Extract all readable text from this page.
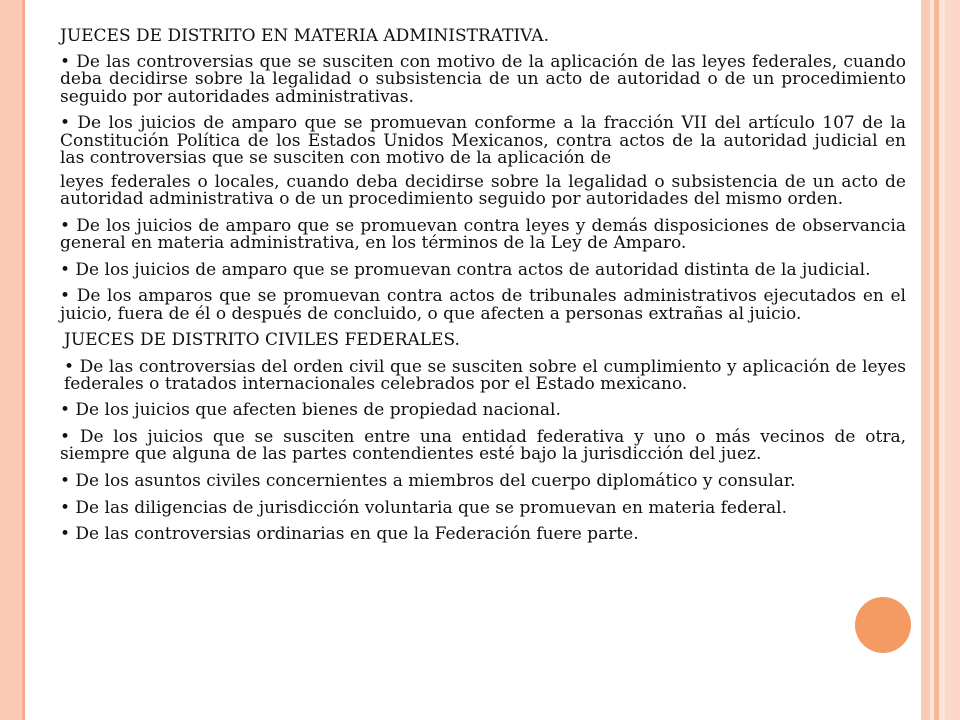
JUECES DE DISTRITO EN MATERIA ADMINISTRATIVA.

• De las controversias que se susciten con motivo de la aplicación de las leyes federales, cuando deba decidirse sobre la legalidad o subsistencia de un acto de autoridad o de un procedimiento seguido por autoridades administrativas.

• De los juicios de amparo que se promuevan conforme a la fracción VII del artículo 107 de la Constitución Política de los Estados Unidos Mexicanos, contra actos de la autoridad judicial en las controversias que se susciten con motivo de la aplicación de

leyes federales o locales, cuando deba decidirse sobre la legalidad o subsistencia de un acto de autoridad administrativa o de un procedimiento seguido por autoridades del mismo orden.

• De los juicios de amparo que se promuevan contra leyes y demás disposiciones de observancia general en materia administrativa, en los términos de la Ley de Amparo.

• De los juicios de amparo que se promuevan contra actos de autoridad distinta de la judicial.

• De los amparos que se promuevan contra actos de tribunales administrativos ejecutados en el juicio, fuera de él o después de concluido, o que afecten a personas extrañas al juicio.

JUECES DE DISTRITO CIVILES FEDERALES.

• De las controversias del orden civil que se susciten sobre el cumplimiento y aplicación de leyes federales o tratados internacionales celebrados por el Estado mexicano.

• De los juicios que afecten bienes de propiedad nacional.

• De los juicios que se susciten entre una entidad federativa y uno o más vecinos de otra, siempre que alguna de las partes contendientes esté bajo la jurisdicción del juez.

• De los asuntos civiles concernientes a miembros del cuerpo diplomático y consular.

• De las diligencias de jurisdicción voluntaria que se promuevan en materia federal.

• De las controversias ordinarias en que la Federación fuere parte.
